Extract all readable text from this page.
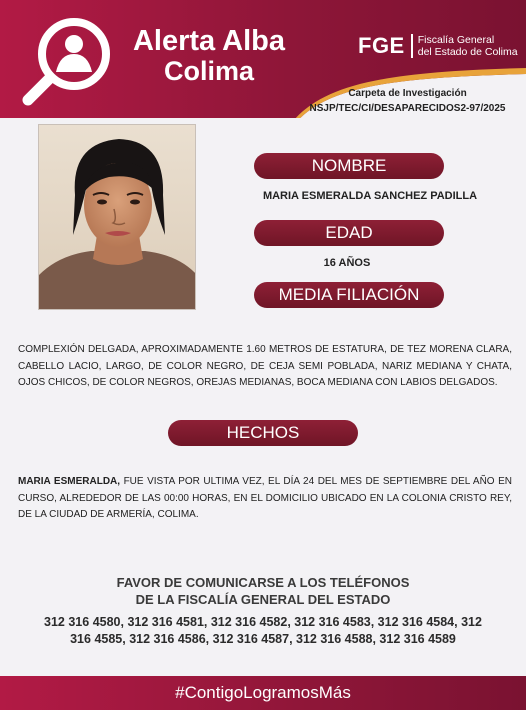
Alerta Alba
Colima
FGE Fiscalía General
del Estado de Colima
Carpeta de Investigación
NSJP/TEC/CI/DESAPARECIDOS2-97/2025
NOMBRE
MARIA ESMERALDA SANCHEZ PADILLA
EDAD
16 AÑOS
MEDIA FILIACIÓN
COMPLEXIÓN DELGADA, APROXIMADAMENTE 1.60 METROS DE ESTATURA, DE TEZ MORENA CLARA, CABELLO LACIO, LARGO, DE COLOR NEGRO, DE CEJA SEMI POBLADA, NARIZ MEDIANA Y CHATA, OJOS CHICOS, DE COLOR NEGROS, OREJAS MEDIANAS, BOCA MEDIANA CON LABIOS DELGADOS.
HECHOS
MARIA ESMERALDA, FUE VISTA POR ULTIMA VEZ, EL DÍA 24 DEL MES DE SEPTIEMBRE DEL AÑO EN CURSO, ALREDEDOR DE LAS 00:00 HORAS, EN EL DOMICILIO UBICADO EN LA COLONIA CRISTO REY, DE LA CIUDAD DE ARMERÍA, COLIMA.
FAVOR DE COMUNICARSE A LOS TELÉFONOS
DE LA FISCALÍA GENERAL DEL ESTADO
312 316 4580, 312 316 4581, 312 316 4582, 312 316 4583, 312 316 4584, 312 316 4585, 312 316 4586, 312 316 4587, 312 316 4588, 312 316 4589
#ContigoLogramosMás
